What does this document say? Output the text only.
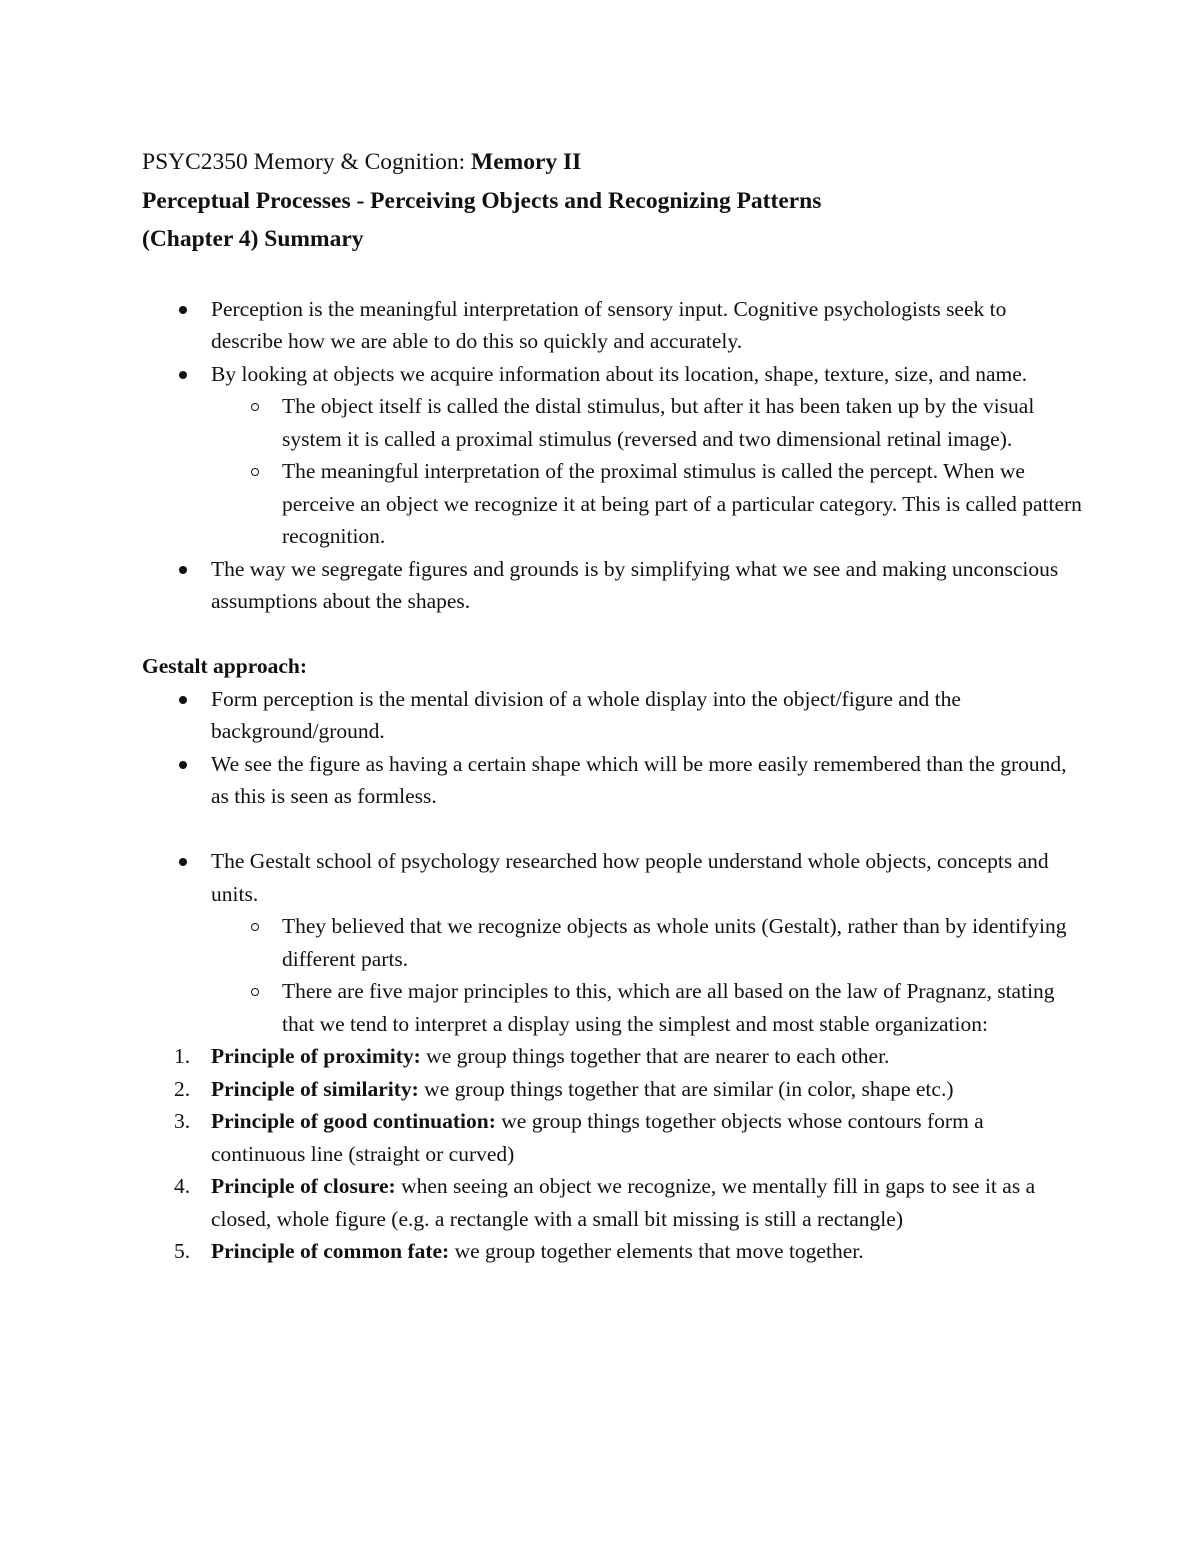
PSYC2350 Memory & Cognition: Memory II
Perceptual Processes - Perceiving Objects and Recognizing Patterns
(Chapter 4) Summary
Perception is the meaningful interpretation of sensory input. Cognitive psychologists seek to describe how we are able to do this so quickly and accurately.
By looking at objects we acquire information about its location, shape, texture, size, and name.
The object itself is called the distal stimulus, but after it has been taken up by the visual system it is called a proximal stimulus (reversed and two dimensional retinal image).
The meaningful interpretation of the proximal stimulus is called the percept. When we perceive an object we recognize it at being part of a particular category. This is called pattern recognition.
The way we segregate figures and grounds is by simplifying what we see and making unconscious assumptions about the shapes.
Gestalt approach:
Form perception is the mental division of a whole display into the object/figure and the background/ground.
We see the figure as having a certain shape which will be more easily remembered than the ground, as this is seen as formless.
The Gestalt school of psychology researched how people understand whole objects, concepts and units.
They believed that we recognize objects as whole units (Gestalt), rather than by identifying different parts.
There are five major principles to this, which are all based on the law of Pragnanz, stating that we tend to interpret a display using the simplest and most stable organization:
1. Principle of proximity: we group things together that are nearer to each other.
2. Principle of similarity: we group things together that are similar (in color, shape etc.)
3. Principle of good continuation: we group things together objects whose contours form a continuous line (straight or curved)
4. Principle of closure: when seeing an object we recognize, we mentally fill in gaps to see it as a closed, whole figure (e.g. a rectangle with a small bit missing is still a rectangle)
5. Principle of common fate: we group together elements that move together.
